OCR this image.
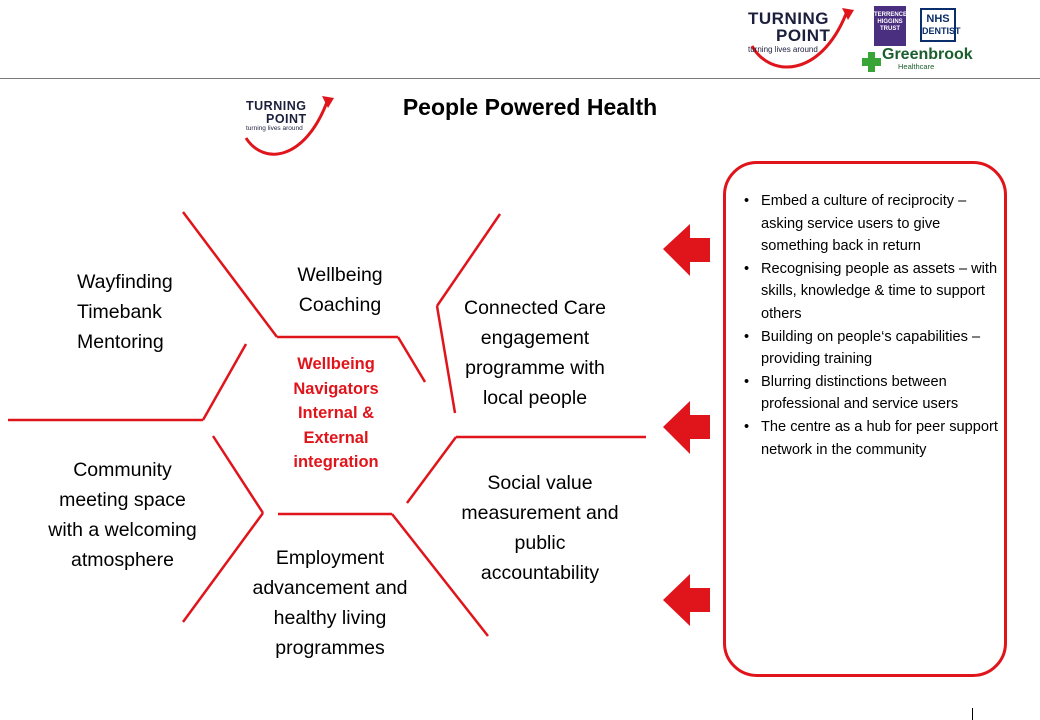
TURNING
POINT
turning lives around
TERRENCE HIGGINS TRUST
NHS
DENTIST
Greenbrook
Healthcare
TURNING
POINT
turning lives around
People Powered Health
Wayfinding
Timebank
Mentoring
Wellbeing
Coaching	Connected Care
engagement
programme with
local people
Wellbeing
Navigators
Internal &
External
integration
Community
meeting space
with a welcoming
atmosphere
Social value
measurement and
public
accountability
Employment
advancement and
healthy living
programmes
• Embed a culture of reciprocity – asking service users to give something back in return
• Recognising people as assets – with skills, knowledge & time to support others
• Building on people‘s capabilities – providing training
• Blurring distinctions between professional and service users
• The centre as a hub for peer support network in the community
